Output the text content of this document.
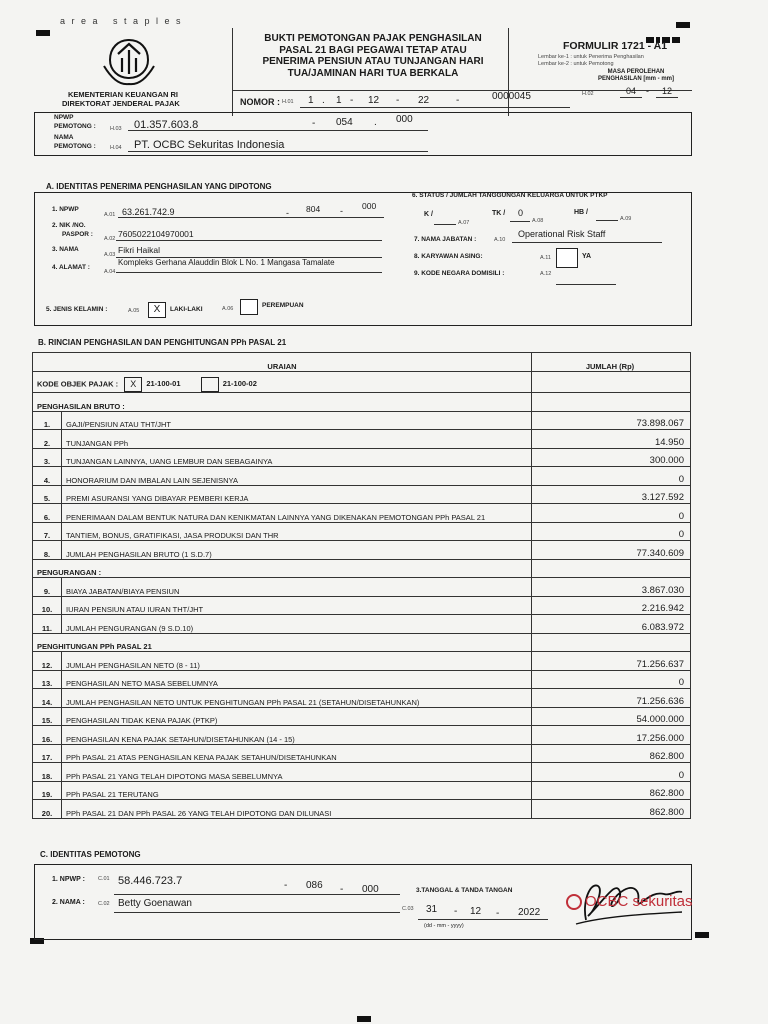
a r e a   s t a p l e s
KEMENTERIAN KEUANGAN RI
DIREKTORAT JENDERAL PAJAK
BUKTI PEMOTONGAN PAJAK PENGHASILAN
PASAL 21 BAGI PEGAWAI TETAP ATAU
PENERIMA PENSIUN ATAU TUNJANGAN HARI
TUA/JAMINAN HARI TUA BERKALA
FORMULIR 1721 - A1
Lembar ke-1 : untuk Penerima Penghasilan
Lembar ke-2 : untuk Pemotong
MASA PEROLEHAN
PENGHASILAN [mm - mm]
H.02	04 - 12
NOMOR : H.01 1 . 1 - 12 - 22	-	0000045
NPWP
PEMOTONG :	H.03 01.357.603.8	- 054 . 000
NAMA
PEMOTONG :	H.04 PT. OCBC Sekuritas Indonesia
A. IDENTITAS PENERIMA PENGHASILAN YANG DIPOTONG
1. NPWP
A.01 63.261.742.9	- 804 - 000
2. NIK /NO.
PASPOR :
A.02 7605022104970001
3. NAMA
A.03 Fikri Haikal
4. ALAMAT :
A.04
Kompleks Gerhana Alauddin Blok L No. 1 Mangasa Tamalate
5. JENIS KELAMIN :	A.05	X	LAKI-LAKI	A.06	PEREMPUAN
6. STATUS / JUMLAH TANGGUNGAN KELUARGA UNTUK PTKP
K /
A.07
TK / 0
A.08
HB /
A.09
7. NAMA JABATAN :	A.10
Operational Risk Staff
8. KARYAWAN ASING:	A.11	YA
9. KODE NEGARA DOMISILI :	A.12
B. RINCIAN PENGHASILAN DAN PENGHITUNGAN PPh PASAL 21
URAIAN		JUMLAH (Rp)
KODE OBJEK PAJAK : X 21-100-01 21-100-02		
PENGHASILAN BRUTO :		
1.	GAJI/PENSIUN ATAU THT/JHT	73.898.067
2.	TUNJANGAN PPh	14.950
3.	TUNJANGAN LAINNYA, UANG LEMBUR DAN SEBAGAINYA	300.000
4.	HONORARIUM DAN IMBALAN LAIN SEJENISNYA	0
5.	PREMI ASURANSI YANG DIBAYAR PEMBERI KERJA	3.127.592
6.	PENERIMAAN DALAM BENTUK NATURA DAN KENIKMATAN LAINNYA YANG DIKENAKAN PEMOTONGAN PPh PASAL 21	0
7.	TANTIEM, BONUS, GRATIFIKASI, JASA PRODUKSI DAN THR	0
8.	JUMLAH PENGHASILAN BRUTO (1 S.D.7)	77.340.609
PENGURANGAN :		
9.	BIAYA JABATAN/BIAYA PENSIUN	3.867.030
10.	IURAN PENSIUN ATAU IURAN THT/JHT	2.216.942
11.	JUMLAH PENGURANGAN (9 S.D.10)	6.083.972
PENGHITUNGAN PPh PASAL 21		
12.	JUMLAH PENGHASILAN NETO (8 - 11)	71.256.637
13.	PENGHASILAN NETO MASA SEBELUMNYA	0
14.	JUMLAH PENGHASILAN NETO UNTUK PENGHITUNGAN PPh PASAL 21 (SETAHUN/DISETAHUNKAN)	71.256.636
15.	PENGHASILAN TIDAK KENA PAJAK (PTKP)	54.000.000
16.	PENGHASILAN KENA PAJAK SETAHUN/DISETAHUNKAN (14 - 15)	17.256.000
17.	PPh PASAL 21 ATAS PENGHASILAN KENA PAJAK SETAHUN/DISETAHUNKAN	862.800
18.	PPh PASAL 21 YANG TELAH DIPOTONG MASA SEBELUMNYA	0
19.	PPh PASAL 21 TERUTANG	862.800
20.	PPh PASAL 21 DAN PPh PASAL 26 YANG TELAH DIPOTONG DAN DILUNASI	862.800
C. IDENTITAS PEMOTONG
1. NPWP : C.01 58.446.723.7	- 086 - 000
2. NAMA : C.02 Betty Goenawan
3.TANGGAL & TANDA TANGAN
C.03 31 - 12 - 2022
(dd - mm - yyyy)
OCBC sekuritas
